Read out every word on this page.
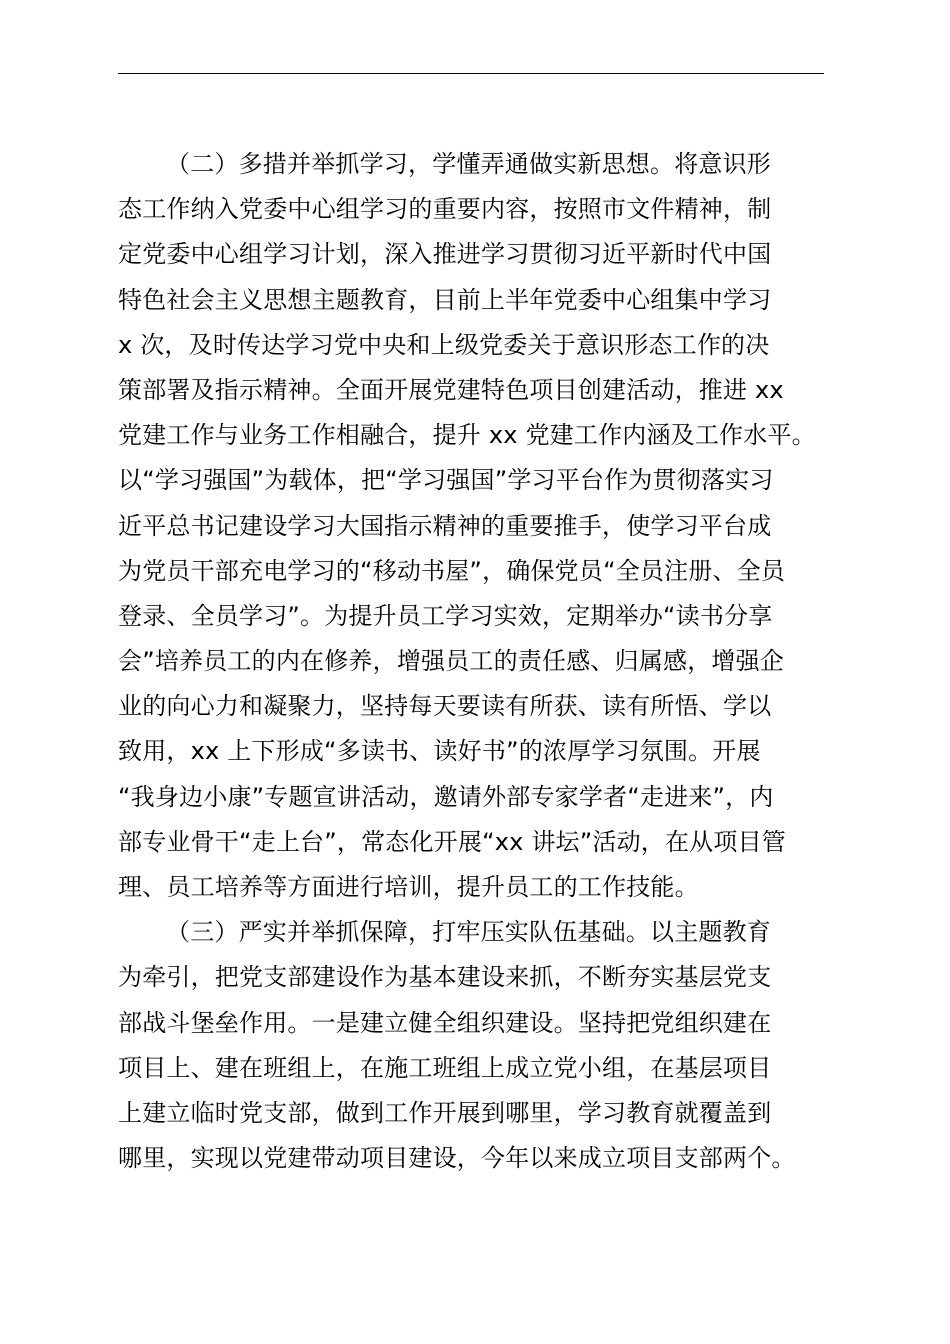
（二）多措并举抓学习，学懂弄通做实新思想。将意识形
态工作纳入党委中心组学习的重要内容，按照市文件精神，制
定党委中心组学习计划，深入推进学习贯彻习近平新时代中国
特色社会主义思想主题教育，目前上半年党委中心组集中学习
x 次，及时传达学习党中央和上级党委关于意识形态工作的决
策部署及指示精神。全面开展党建特色项目创建活动，推进 xx
党建工作与业务工作相融合，提升 xx 党建工作内涵及工作水平。
以“学习强国”为载体，把“学习强国”学习平台作为贯彻落实习
近平总书记建设学习大国指示精神的重要推手，使学习平台成
为党员干部充电学习的“移动书屋”，确保党员“全员注册、全员
登录、全员学习”。为提升员工学习实效，定期举办“读书分享
会”培养员工的内在修养，增强员工的责任感、归属感，增强企
业的向心力和凝聚力，坚持每天要读有所获、读有所悟、学以
致用，xx 上下形成“多读书、读好书”的浓厚学习氛围。开展
“我身边小康”专题宣讲活动，邀请外部专家学者“走进来”，内
部专业骨干“走上台”，常态化开展“xx 讲坛”活动，在从项目管
理、员工培养等方面进行培训，提升员工的工作技能。
（三）严实并举抓保障，打牢压实队伍基础。以主题教育
为牵引，把党支部建设作为基本建设来抓，不断夯实基层党支
部战斗堡垒作用。一是建立健全组织建设。坚持把党组织建在
项目上、建在班组上，在施工班组上成立党小组，在基层项目
上建立临时党支部，做到工作开展到哪里，学习教育就覆盖到
哪里，实现以党建带动项目建设，今年以来成立项目支部两个。
